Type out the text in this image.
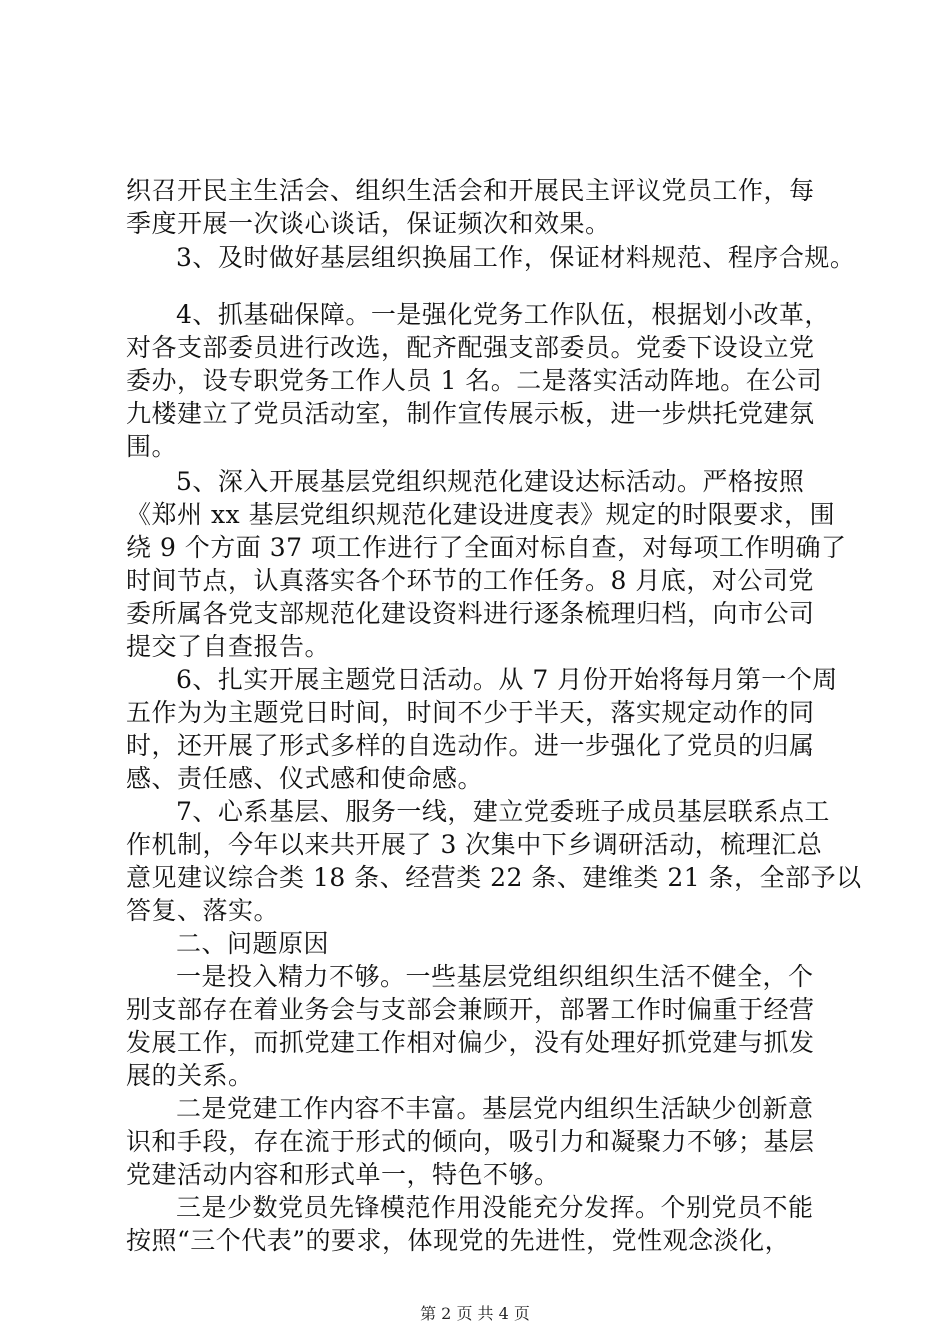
织召开民主生活会、组织生活会和开展民主评议党员工作，每
季度开展一次谈心谈话，保证频次和效果。
3、及时做好基层组织换届工作，保证材料规范、程序合规。
4、抓基础保障。一是强化党务工作队伍，根据划小改革，
对各支部委员进行改选，配齐配强支部委员。党委下设设立党
委办，设专职党务工作人员 1 名。二是落实活动阵地。在公司
九楼建立了党员活动室，制作宣传展示板，进一步烘托党建氛
围。
5、深入开展基层党组织规范化建设达标活动。严格按照
《郑州 xx 基层党组织规范化建设进度表》规定的时限要求，围
绕 9 个方面 37 项工作进行了全面对标自查，对每项工作明确了
时间节点，认真落实各个环节的工作任务。8 月底，对公司党
委所属各党支部规范化建设资料进行逐条梳理归档，向市公司
提交了自查报告。
6、扎实开展主题党日活动。从 7 月份开始将每月第一个周
五作为为主题党日时间，时间不少于半天，落实规定动作的同
时，还开展了形式多样的自选动作。进一步强化了党员的归属
感、责任感、仪式感和使命感。
7、心系基层、服务一线，建立党委班子成员基层联系点工
作机制，今年以来共开展了 3 次集中下乡调研活动，梳理汇总
意见建议综合类 18 条、经营类 22 条、建维类 21 条，全部予以
答复、落实。
二、问题原因
一是投入精力不够。一些基层党组织组织生活不健全，个
别支部存在着业务会与支部会兼顾开，部署工作时偏重于经营
发展工作，而抓党建工作相对偏少，没有处理好抓党建与抓发
展的关系。
二是党建工作内容不丰富。基层党内组织生活缺少创新意
识和手段，存在流于形式的倾向，吸引力和凝聚力不够；基层
党建活动内容和形式单一，特色不够。
三是少数党员先锋模范作用没能充分发挥。个别党员不能
按照“三个代表”的要求，体现党的先进性，党性观念淡化，
第 2 页 共 4 页
